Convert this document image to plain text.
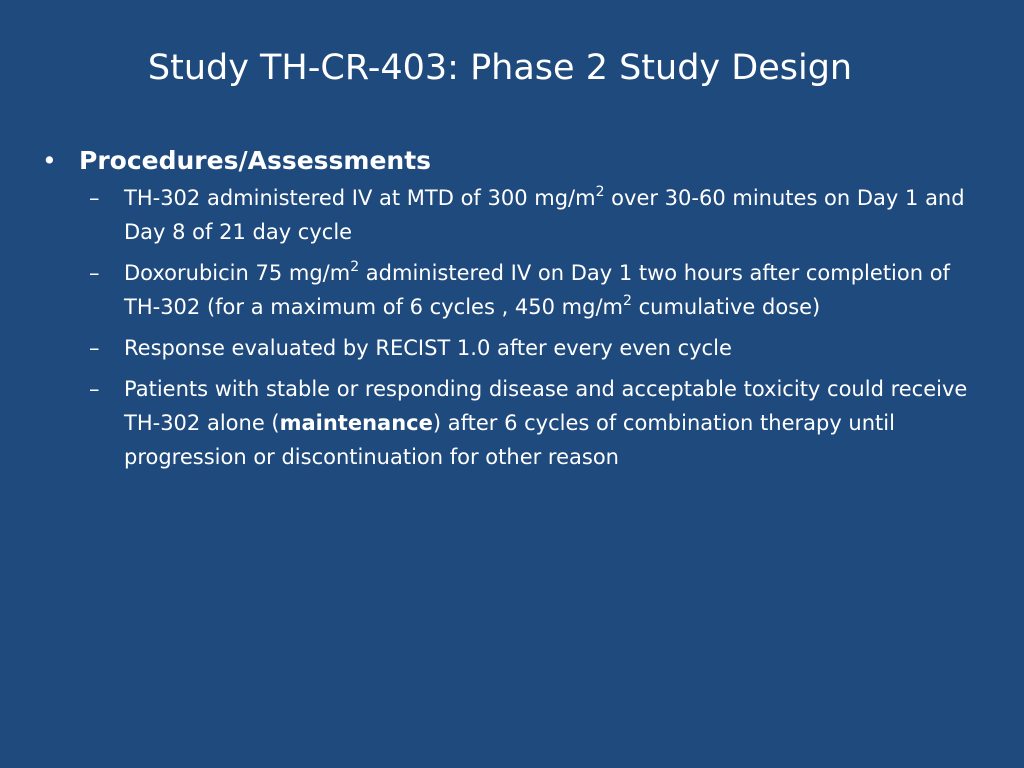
Study TH-CR-403: Phase 2 Study Design
• Procedures/Assessments
– TH-302 administered IV at MTD of 300 $mg/m^2$ over 30-60 minutes on Day 1 and Day 8 of 21 day cycle
– Doxorubicin 75 $mg/m^2$ administered IV on Day 1 two hours after completion of TH-302 (for a maximum of 6 cycles , 450 $mg/m^2$ cumulative dose)
– Response evaluated by RECIST 1.0 after every even cycle
– Patients with stable or responding disease and acceptable toxicity could receive TH-302 alone (maintenance) after 6 cycles of combination therapy until progression or discontinuation for other reason
